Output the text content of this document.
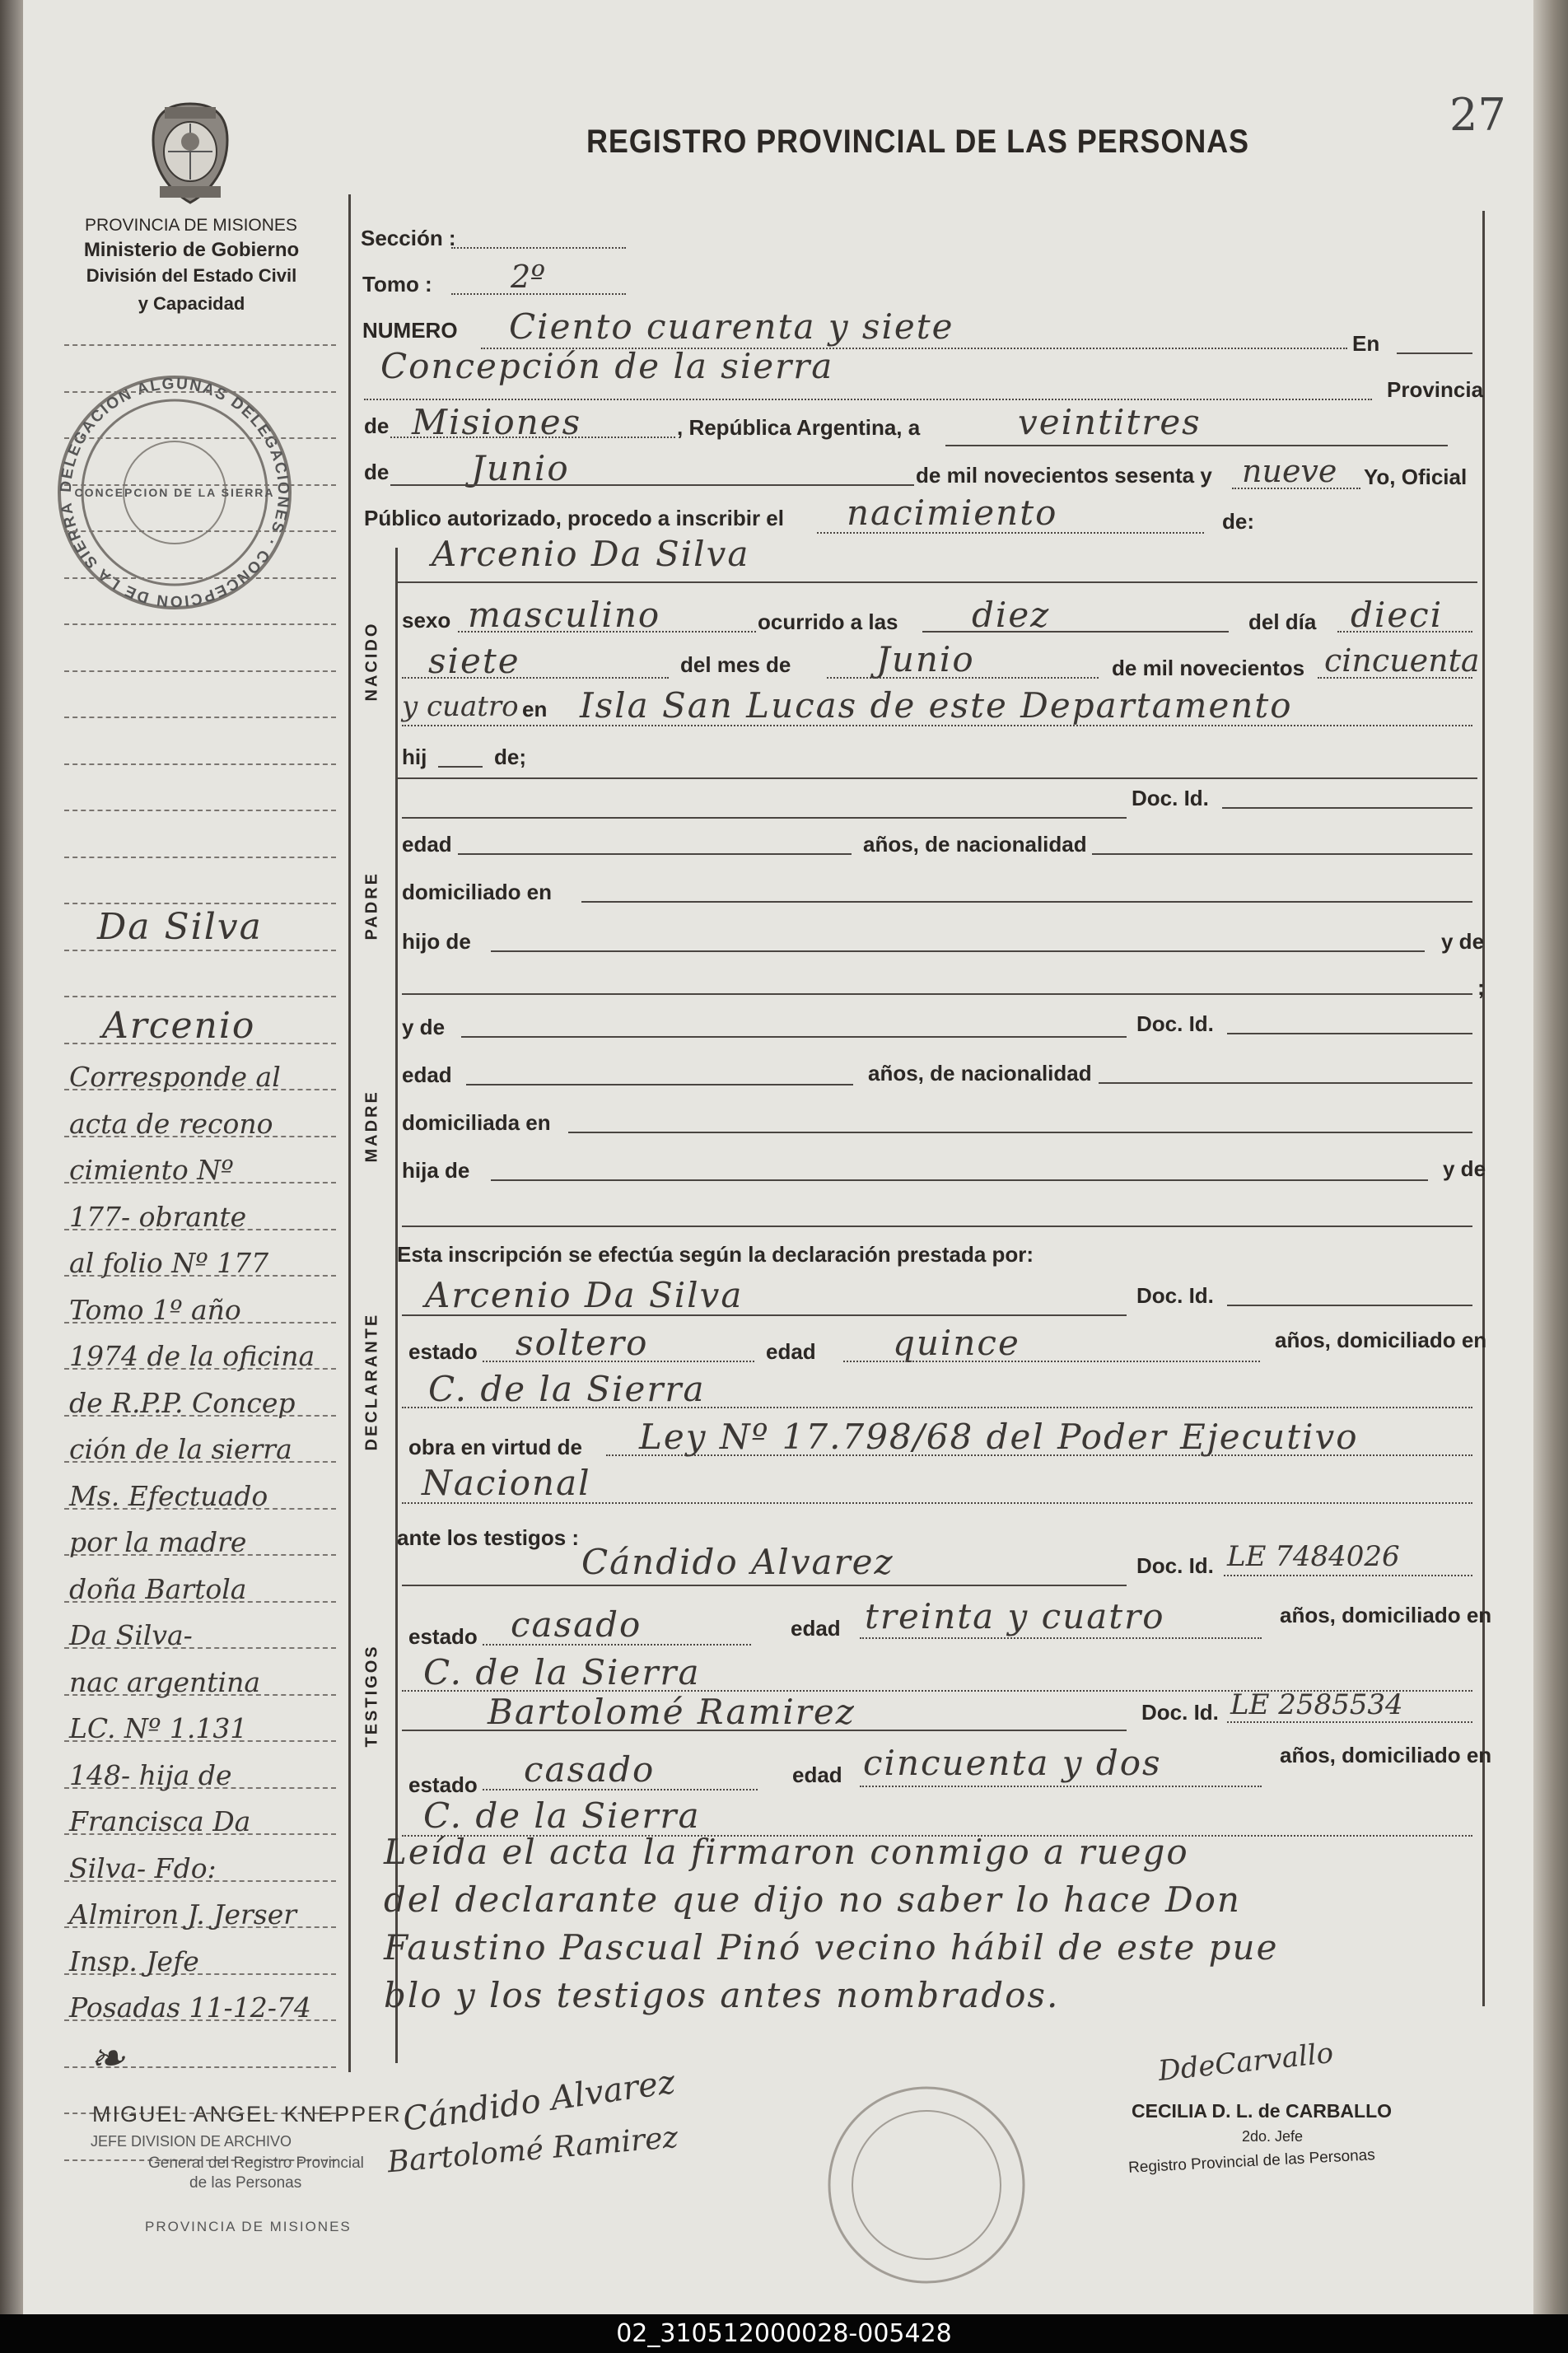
27
PROVINCIA DE MISIONES
Ministerio de Gobierno
División del Estado Civil
y Capacidad
REGISTRO PROVINCIAL DE LAS PERSONAS
DELEGACION ALGUNAS DELEGACIONES · CONCEPCION DE LA SIERRA
CONCEPCION DE LA SIERRA
Sección :
Tomo :	2º
NUMERO Ciento cuarenta y siete	En
Concepción de la sierra
Provincia
de Misiones	, República Argentina, a	veintitres
de Junio	de mil novecientos sesenta y nueve Yo, Oficial
Público autorizado, procedo a inscribir el nacimiento	de:
Arcenio Da Silva
NACIDO
sexo masculino	ocurrido a las diez	del día dieci
siete	del mes de Junio	de mil novecientos cincuenta
y cuatro en Isla San Lucas de este Departamento
hij	de;
PADRE
Doc. Id.
edad	años, de nacionalidad
domiciliado en
hijo de	y de
;
MADRE
y de	Doc. Id.
edad	años, de nacionalidad
domiciliada en
hija de	y de
Esta inscripción se efectúa según la declaración prestada por:
DECLARANTE
Arcenio Da Silva	Doc. Id.
estado soltero	edad quince	años, domiciliado en
C. de la Sierra
obra en virtud de Ley Nº 17.798/68 del Poder Ejecutivo
Nacional
ante los testigos :
TESTIGOS
Cándido Alvarez	Doc. Id. LE 7484026
estado casado	edad treinta y cuatro	años, domiciliado en
C. de la Sierra
Bartolomé Ramirez	Doc. Id. LE 2585534
estado casado	edad cincuenta y dos	años, domiciliado en
C. de la Sierra
Leída el acta la firmaron conmigo a ruego
del declarante que dijo no saber lo hace Don
Faustino Pascual Pinó vecino hábil de este pue
blo y los testigos antes nombrados.
Da Silva
Arcenio
Corresponde al
acta de recono
cimiento Nº
177- obrante
al folio Nº 177
Tomo 1º año
1974 de la oficina
de R.P.P. Concep
ción de la sierra
Ms. Efectuado
por la madre
doña Bartola
Da Silva-
nac argentina
LC. Nº 1.131
148- hija de
Francisca Da
Silva- Fdo:
Almiron J. Jerser
Insp. Jefe
Posadas 11-12-74
❧
Cándido Alvarez
Bartolomé Ramirez
DdeCarvallo
MIGUEL ANGEL KNEPPER
JEFE DIVISION DE ARCHIVO
General del Registro Provincial
de las Personas
PROVINCIA DE MISIONES
CECILIA D. L. de CARBALLO
2do. Jefe
Registro Provincial de las Personas
02_310512000028-005428
